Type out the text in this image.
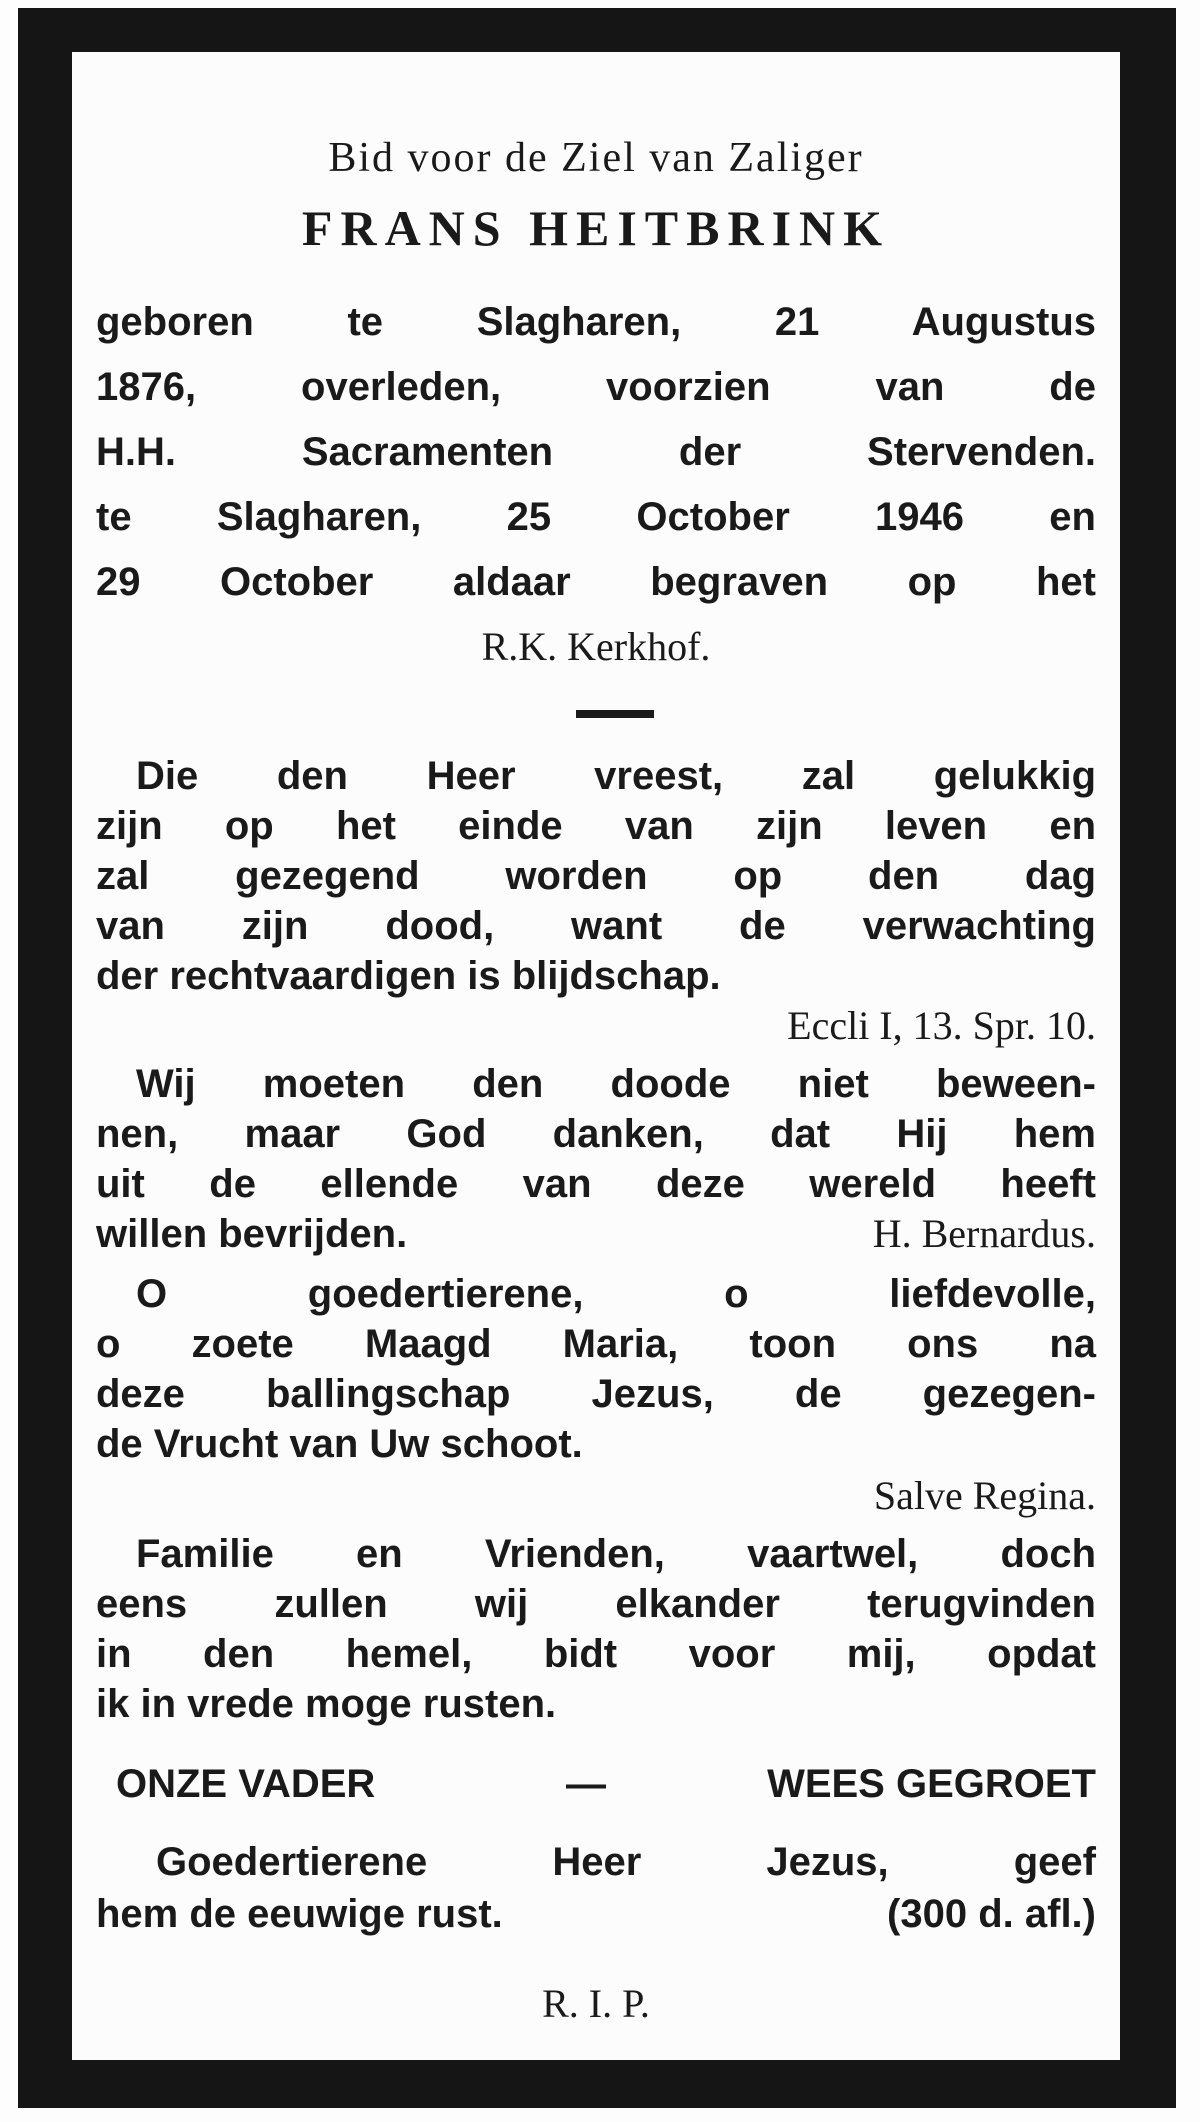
Bid voor de Ziel van Zaliger
FRANS HEITBRINK
geboren te Slagharen, 21 Augustus
1876, overleden, voorzien van de
H.H. Sacramenten der Stervenden.
te Slagharen, 25 October 1946 en
29 October aldaar begraven op het
R.K. Kerkhof.
Die den Heer vreest, zal gelukkig
zijn op het einde van zijn leven en
zal gezegend worden op den dag
van zijn dood, want de verwachting
der rechtvaardigen is blijdschap.
Eccli I, 13. Spr. 10.
Wij moeten den doode niet beween-
nen, maar God danken, dat Hij hem
uit de ellende van deze wereld heeft
willen bevrijden.	H. Bernardus.
O goedertierene, o liefdevolle,
o zoete Maagd Maria, toon ons na
deze ballingschap Jezus, de gezegen-
de Vrucht van Uw schoot.
Salve Regina.
Familie en Vrienden, vaartwel, doch
eens zullen wij elkander terugvinden
in den hemel, bidt voor mij, opdat
ik in vrede moge rusten.
ONZE VADER	—	WEES GEGROET
Goedertierene Heer Jezus, geef
hem de eeuwige rust.	(300 d. afl.)
R. I. P.
